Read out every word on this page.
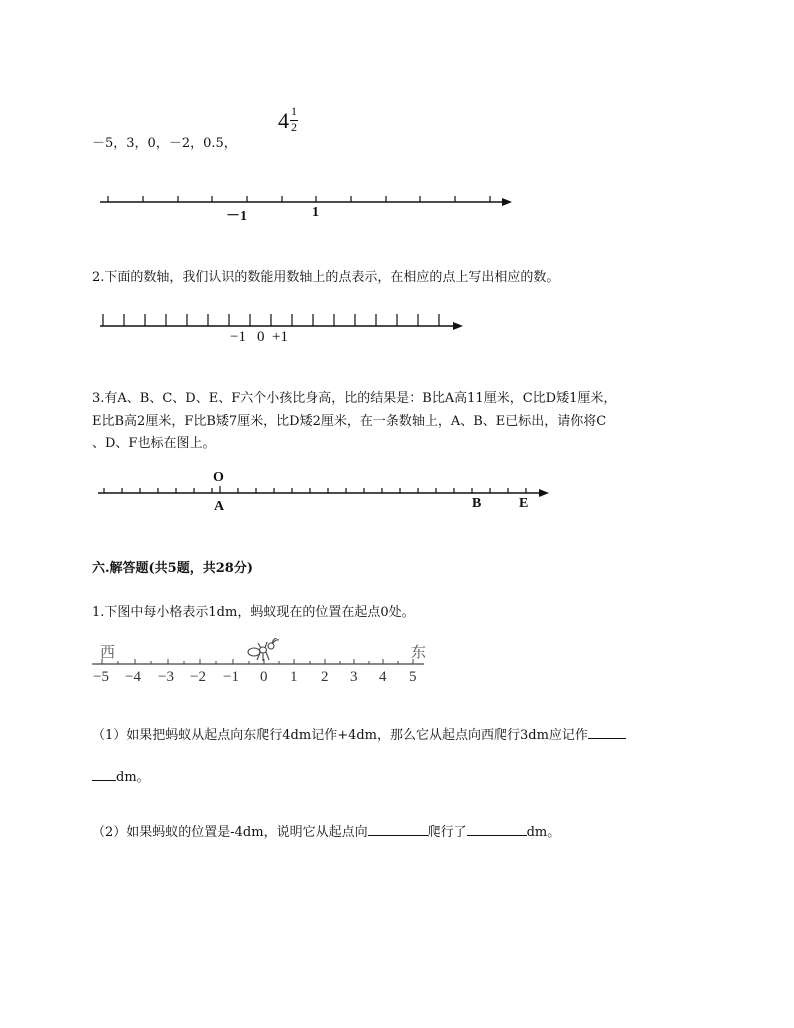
－5，3，0，－2，0.5，
4 1
2
－1	1
2.下面的数轴，我们认识的数能用数轴上的点表示，在相应的点上写出相应的数。
−1 0 +1
3.有A、B、C、D、E、F六个小孩比身高，比的结果是：B比A高11厘米，C比D矮1厘米，
E比B高2厘米，F比B矮7厘米，比D矮2厘米，在一条数轴上，A、B、E已标出，请你将C
、D、F也标在图上。
O
A	B	E
六.解答题(共5题，共28分)
1.下图中每小格表示1dm，蚂蚁现在的位置在起点0处。
西	东
−5 −4 −3 −2 −1 0 1 2 3 4 5
（1）如果把蚂蚁从起点向东爬行4dm记作+4dm，那么它从起点向西爬行3dm应记作
dm。
（2）如果蚂蚁的位置是-4dm，说明它从起点向	爬行了	dm。
